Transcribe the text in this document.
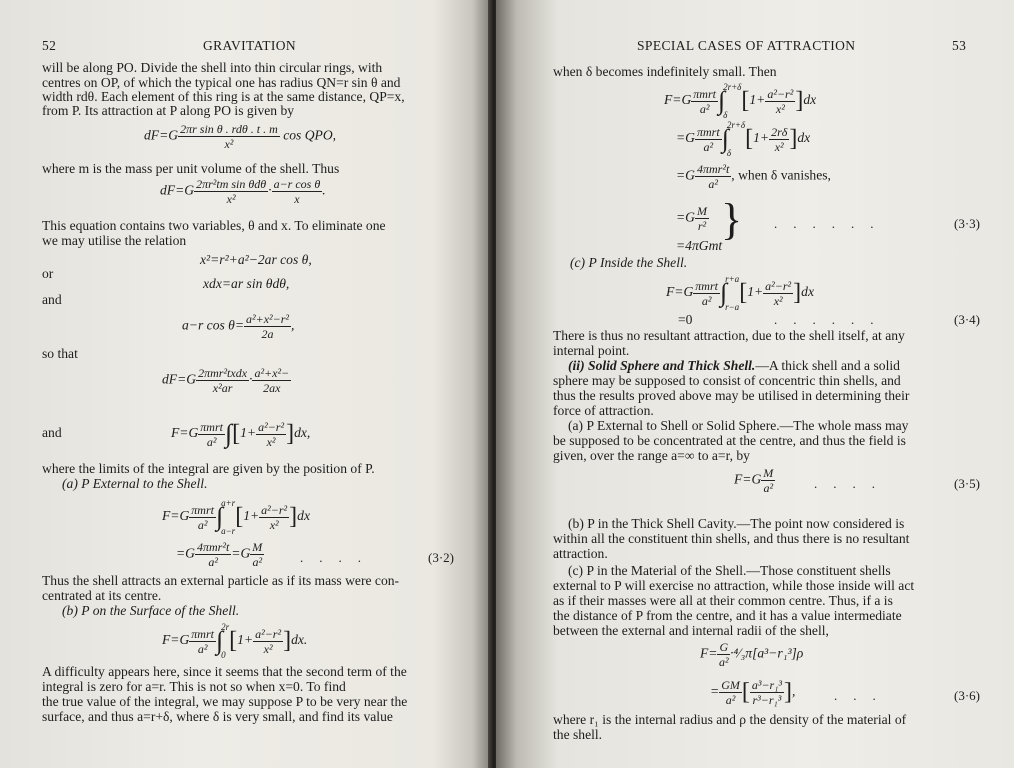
52	GRAVITATION
will be along PO. Divide the shell into thin circular rings, with
centres on OP, of which the typical one has radius QN=r sin θ and
width rdθ. Each element of this ring is at the same distance, QP=x,
from P. Its attraction at P along PO is given by
$dF=G \frac{\text{2πr sin θ . rdθ . t . m}}{\text{x²}}$ cos QPO,
where m is the mass per unit volume of the shell. Thus
$dF=G \frac{\text{2πr²tm sin θdθ}}{\text{x²}} \cdot \frac{\text{a−r cos θ}}{x}$ .
This equation contains two variables, θ and x. To eliminate one
we may utilise the relation
x²=r²+a²−2ar cos θ,
or
xdx=ar sin θdθ,
and
a−r $\cos \theta= \frac{\text{a²+x²−r²}}{2a}$ ,
so that
$dF=G \frac{\text{2πmr²txdx}}{\text{x²ar}} \cdot \frac{\text{a²+x²−}}{2ax}$
and	$F=G \frac{\text{πmrt}}{\text{a²}} \int[1+ \frac{\text{a²−r²}}{\text{x²}} ]dx$,
where the limits of the integral are given by the position of P.
(a) P External to the Shell.
$F=G \frac{\text{πmrt}}{\text{a²}}$ ∫
a+r
a−r
$[1+ \frac{\text{a²−r²}}{\text{x²}} ]dx$
$=G \frac{\text{4πmr²t}}{\text{a²}} =G \frac{M}{\text{a²}}$	....	(3·2)
Thus the shell attracts an external particle as if its mass were con-
centrated at its centre.
(b) P on the Surface of the Shell.
$F=G \frac{\text{πmrt}}{\text{a²}}$ ∫
2r
0
$[1+ \frac{\text{a²−r²}}{\text{x²}} ]dx$.
A difficulty appears here, since it seems that the second term of the
integral is zero for a=r. This is not so when x=0. To find
the true value of the integral, we may suppose P to be very near the
surface, and thus a=r+δ, where δ is very small, and find its value
SPECIAL CASES OF ATTRACTION	53
when δ becomes indefinitely small. Then
$F=G \frac{\text{πmrt}}{\text{a²}}$ ∫
2r+δ
δ
$[1+ \frac{\text{a²−r²}}{\text{x²}} ]dx$
$=G \frac{\text{πmrt}}{\text{a²}}$ ∫
2r+δ
δ
$[1+ \frac{2r\delta}{\text{x²}} ]dx$
$=G \frac{\text{4πmr²t}}{\text{a²}}$ , when δ vanishes,
$=G \frac{M}{\text{r²}}$ }
=4πGmt
......	(3·3)
(c) P Inside the Shell.
$F=G \frac{\text{πmrt}}{\text{a²}}$ ∫
r+a
r−a
$[1+ \frac{\text{a²−r²}}{\text{x²}} ]dx$
=0	......	(3·4)
There is thus no resultant attraction, due to the shell itself, at any
internal point.
(ii) Solid Sphere and Thick Shell.—A thick shell and a solid
sphere may be supposed to consist of concentric thin shells, and
thus the results proved above may be utilised in determining their
force of attraction.
(a) P External to Shell or Solid Sphere.—The whole mass may
be supposed to be concentrated at the centre, and thus the field is
given, over the range a=∞ to a=r, by
$F=G \frac{M}{\text{a²}}$	....	(3·5)
(b) P in the Thick Shell Cavity.—The point now considered is
within all the constituent thin shells, and thus there is no resultant
attraction.
(c) P in the Material of the Shell.—Those constituent shells
external to P will exercise no attraction, while those inside will act
as if their masses were all at their common centre. Thus, if a is
the distance of P from the centre, and it has a value intermediate
between the external and internal radii of the shell,
$F= \frac{G}{\text{a²}}$ ·⁴⁄₃π[a³−r₁³]ρ
= $\frac{GM}{\text{a²}}$ [ $\frac{\text{a³−r₁³}}{\text{r³−r₁³}}$ ],	...	(3·6)
where r₁ is the internal radius and ρ the density of the material of
the shell.
